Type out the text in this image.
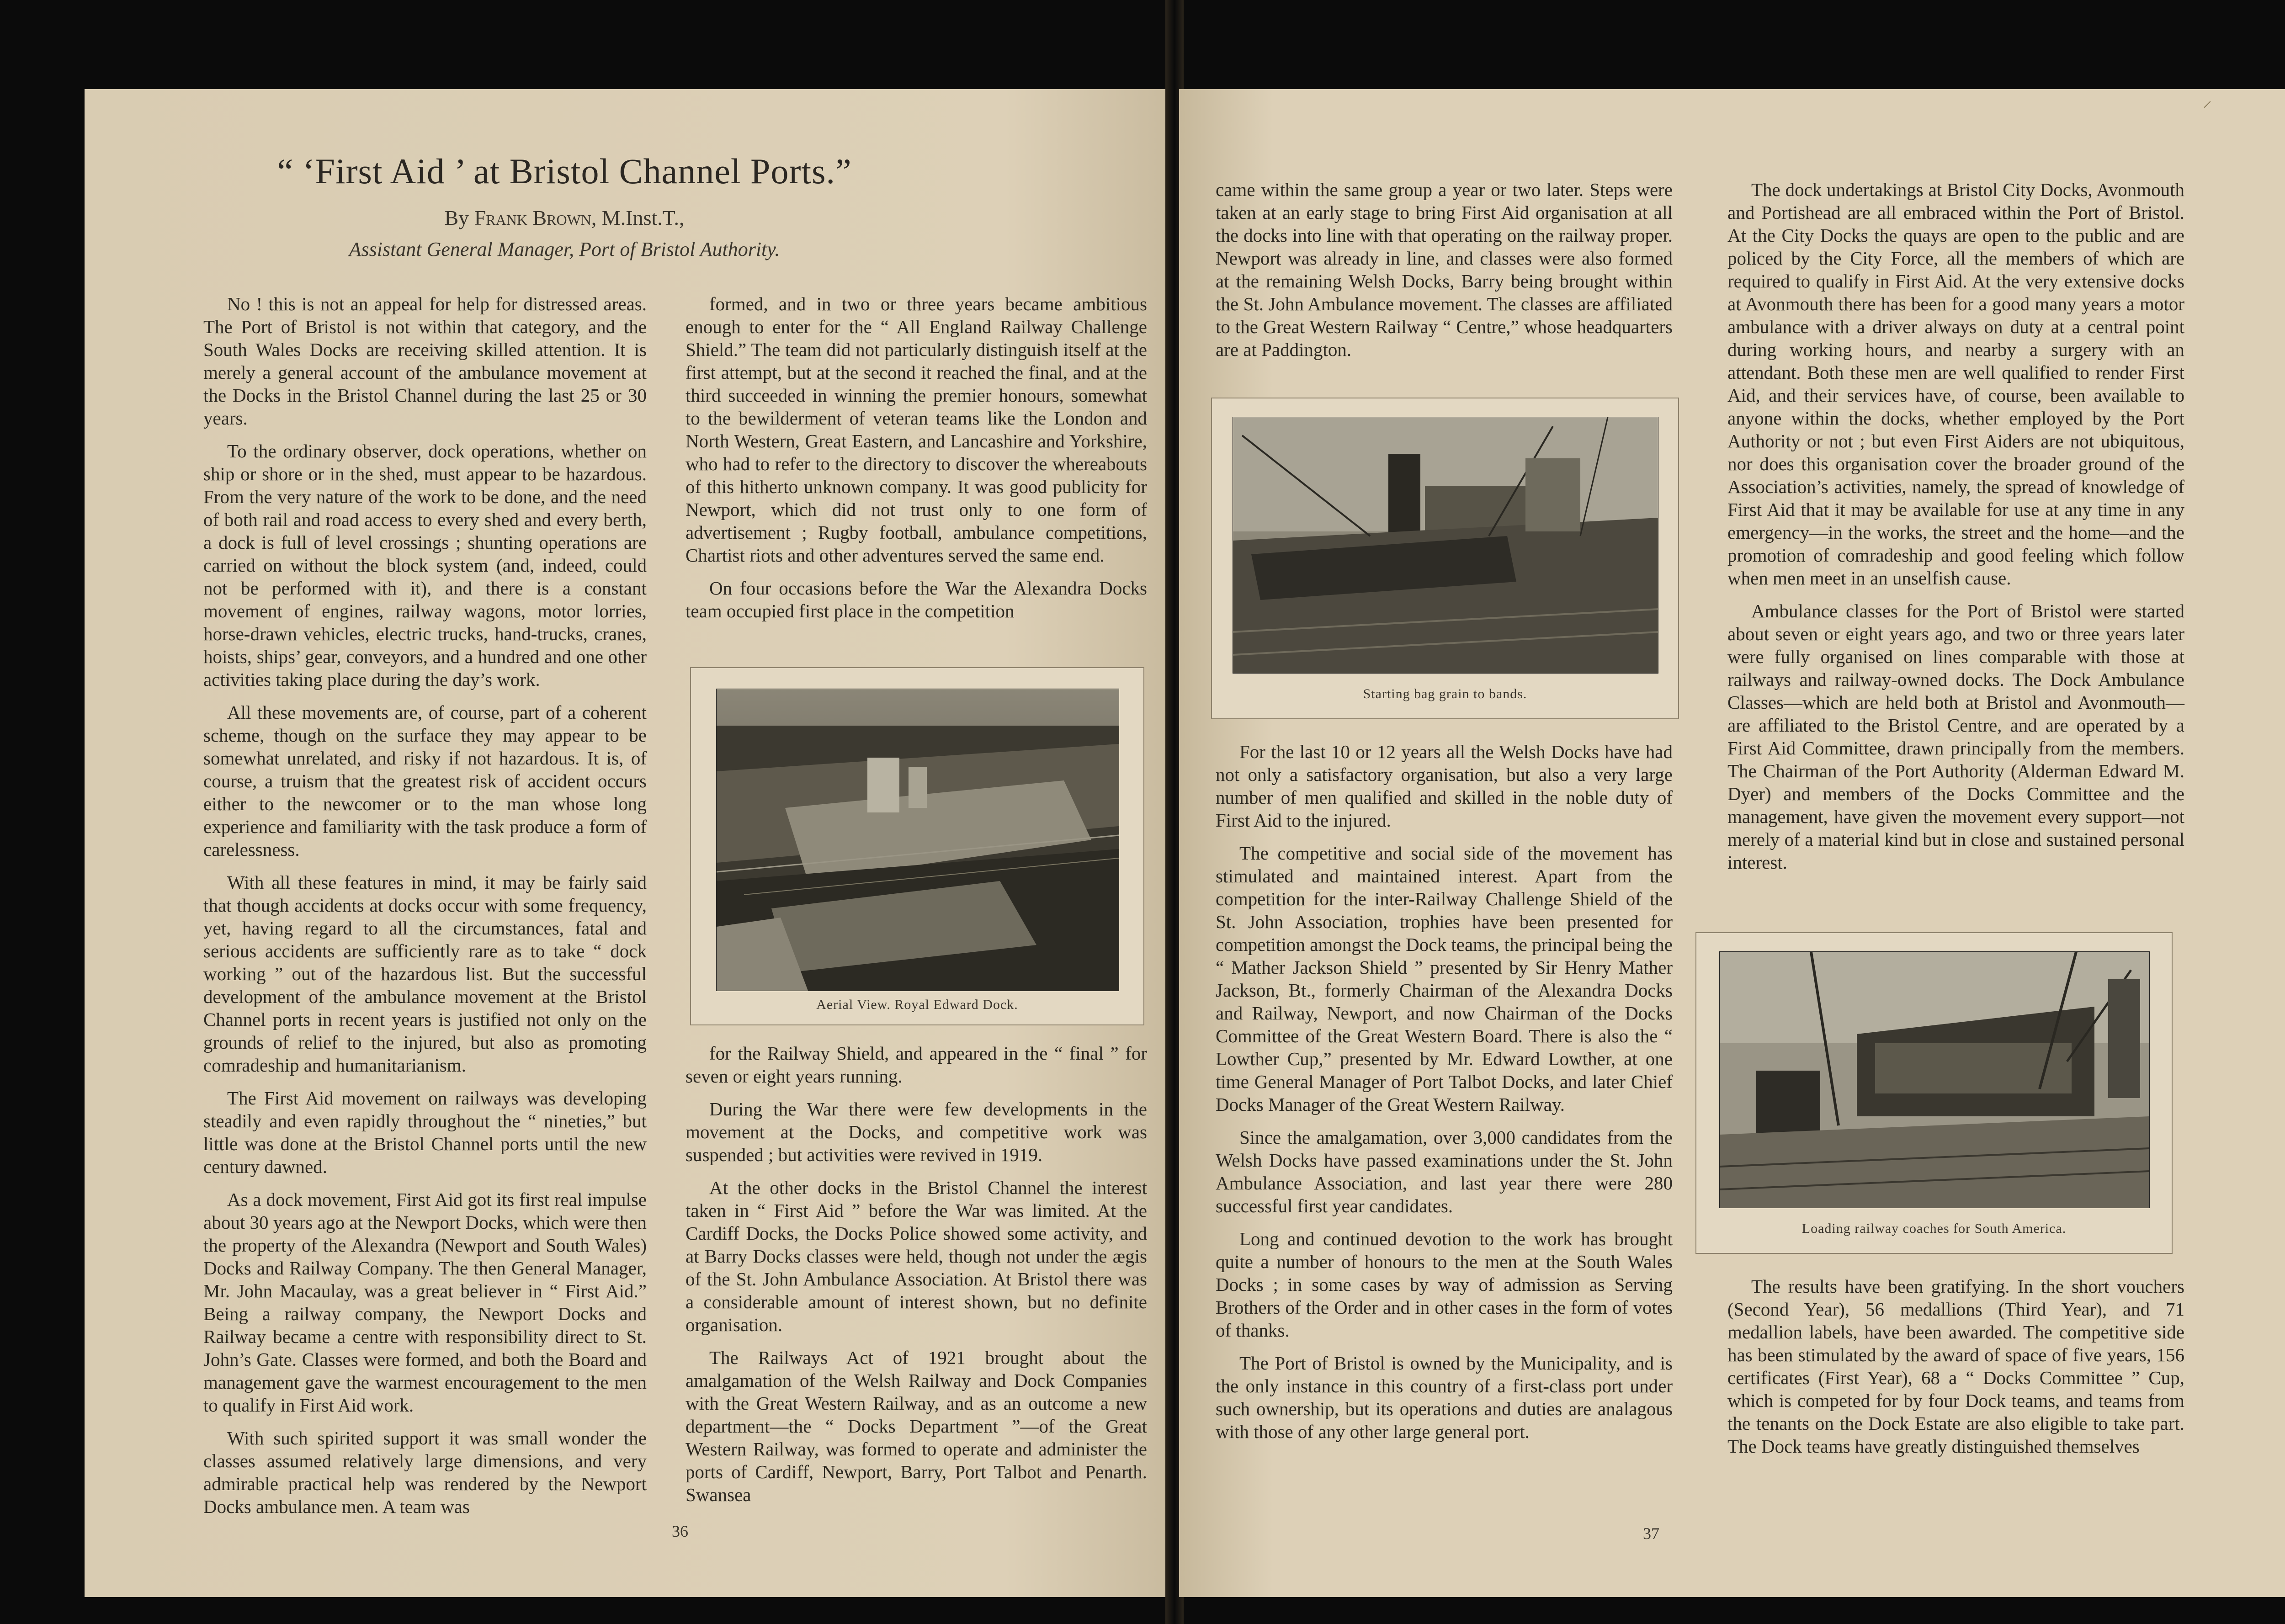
“ ‘First Aid ’ at Bristol Channel Ports.”
By Frank Brown, M.Inst.T.,
Assistant General Manager, Port of Bristol Authority.

No ! this is not an appeal for help for distressed areas. The Port of Bristol is not within that category, and the South Wales Docks are receiving skilled attention. It is merely a general account of the ambulance movement at the Docks in the Bristol Channel during the last 25 or 30 years.

To the ordinary observer, dock operations, whether on ship or shore or in the shed, must appear to be hazardous. From the very nature of the work to be done, and the need of both rail and road access to every shed and every berth, a dock is full of level crossings ; shunting operations are carried on without the block system (and, indeed, could not be performed with it), and there is a constant movement of engines, railway wagons, motor lorries, horse-drawn vehicles, electric trucks, hand-trucks, cranes, hoists, ships’ gear, conveyors, and a hundred and one other activities taking place during the day’s work.

All these movements are, of course, part of a coherent scheme, though on the surface they may appear to be somewhat unrelated, and risky if not hazardous. It is, of course, a truism that the greatest risk of accident occurs either to the newcomer or to the man whose long experience and familiarity with the task produce a form of carelessness.

With all these features in mind, it may be fairly said that though accidents at docks occur with some frequency, yet, having regard to all the circumstances, fatal and serious accidents are sufficiently rare as to take “ dock working ” out of the hazardous list. But the successful development of the ambulance movement at the Bristol Channel ports in recent years is justified not only on the grounds of relief to the injured, but also as promoting comradeship and humanitarianism.

The First Aid movement on railways was developing steadily and even rapidly throughout the “ nineties,” but little was done at the Bristol Channel ports until the new century dawned.

As a dock movement, First Aid got its first real impulse about 30 years ago at the Newport Docks, which were then the property of the Alexandra (Newport and South Wales) Docks and Railway Company. The then General Manager, Mr. John Macaulay, was a great believer in “ First Aid.” Being a railway company, the Newport Docks and Railway became a centre with responsibility direct to St. John’s Gate. Classes were formed, and both the Board and management gave the warmest encouragement to the men to qualify in First Aid work.

With such spirited support it was small wonder the classes assumed relatively large dimensions, and very admirable practical help was rendered by the Newport Docks ambulance men. A team was

formed, and in two or three years became ambitious enough to enter for the “ All England Railway Challenge Shield.” The team did not particularly distinguish itself at the first attempt, but at the second it reached the final, and at the third succeeded in winning the premier honours, somewhat to the bewilderment of veteran teams like the London and North Western, Great Eastern, and Lancashire and Yorkshire, who had to refer to the directory to discover the whereabouts of this hitherto unknown company. It was good publicity for Newport, which did not trust only to one form of advertisement ; Rugby football, ambulance competitions, Chartist riots and other adventures served the same end.

On four occasions before the War the Alexandra Docks team occupied first place in the competition

Aerial View. Royal Edward Dock.

for the Railway Shield, and appeared in the “ final ” for seven or eight years running.

During the War there were few developments in the movement at the Docks, and competitive work was suspended ; but activities were revived in 1919.

At the other docks in the Bristol Channel the interest taken in “ First Aid ” before the War was limited. At the Cardiff Docks, the Docks Police showed some activity, and at Barry Docks classes were held, though not under the ægis of the St. John Ambulance Association. At Bristol there was a considerable amount of interest shown, but no definite organisation.

The Railways Act of 1921 brought about the amalgamation of the Welsh Railway and Dock Companies with the Great Western Railway, and as an outcome a new department—the “ Docks Department ”—of the Great Western Railway, was formed to operate and administer the ports of Cardiff, Newport, Barry, Port Talbot and Penarth. Swansea

36
⸝

came within the same group a year or two later. Steps were taken at an early stage to bring First Aid organisation at all the docks into line with that operating on the railway proper. Newport was already in line, and classes were also formed at the remaining Welsh Docks, Barry being brought within the St. John Ambulance movement. The classes are affiliated to the Great Western Railway “ Centre,” whose headquarters are at Paddington.

Starting bag grain to bands.

For the last 10 or 12 years all the Welsh Docks have had not only a satisfactory organisation, but also a very large number of men qualified and skilled in the noble duty of First Aid to the injured.

The competitive and social side of the movement has stimulated and maintained interest. Apart from the competition for the inter-Railway Challenge Shield of the St. John Association, trophies have been presented for competition amongst the Dock teams, the principal being the “ Mather Jackson Shield ” presented by Sir Henry Mather Jackson, Bt., formerly Chairman of the Alexandra Docks and Railway, Newport, and now Chairman of the Docks Committee of the Great Western Board. There is also the “ Lowther Cup,” presented by Mr. Edward Lowther, at one time General Manager of Port Talbot Docks, and later Chief Docks Manager of the Great Western Railway.

Since the amalgamation, over 3,000 candidates from the Welsh Docks have passed examinations under the St. John Ambulance Association, and last year there were 280 successful first year candidates.

Long and continued devotion to the work has brought quite a number of honours to the men at the South Wales Docks ; in some cases by way of admission as Serving Brothers of the Order and in other cases in the form of votes of thanks.

The Port of Bristol is owned by the Municipality, and is the only instance in this country of a first-class port under such ownership, but its operations and duties are analagous with those of any other large general port.

The dock undertakings at Bristol City Docks, Avonmouth and Portishead are all embraced within the Port of Bristol. At the City Docks the quays are open to the public and are policed by the City Force, all the members of which are required to qualify in First Aid. At the very extensive docks at Avonmouth there has been for a good many years a motor ambulance with a driver always on duty at a central point during working hours, and nearby a surgery with an attendant. Both these men are well qualified to render First Aid, and their services have, of course, been available to anyone within the docks, whether employed by the Port Authority or not ; but even First Aiders are not ubiquitous, nor does this organisation cover the broader ground of the Association’s activities, namely, the spread of knowledge of First Aid that it may be available for use at any time in any emergency—in the works, the street and the home—and the promotion of comradeship and good feeling which follow when men meet in an unselfish cause.

Ambulance classes for the Port of Bristol were started about seven or eight years ago, and two or three years later were fully organised on lines comparable with those at railways and railway-owned docks. The Dock Ambulance Classes—which are held both at Bristol and Avonmouth—are affiliated to the Bristol Centre, and are operated by a First Aid Committee, drawn principally from the members. The Chairman of the Port Authority (Alderman Edward M. Dyer) and members of the Docks Committee and the management, have given the movement every support—not merely of a material kind but in close and sustained personal interest.

Loading railway coaches for South America.

The results have been gratifying. In the short vouchers (Second Year), 56 medallions (Third Year), and 71 medallion labels, have been awarded. The competitive side has been stimulated by the award of space of five years, 156 certificates (First Year), 68 a “ Docks Committee ” Cup, which is competed for by four Dock teams, and teams from the tenants on the Dock Estate are also eligible to take part. The Dock teams have greatly distinguished themselves

37
